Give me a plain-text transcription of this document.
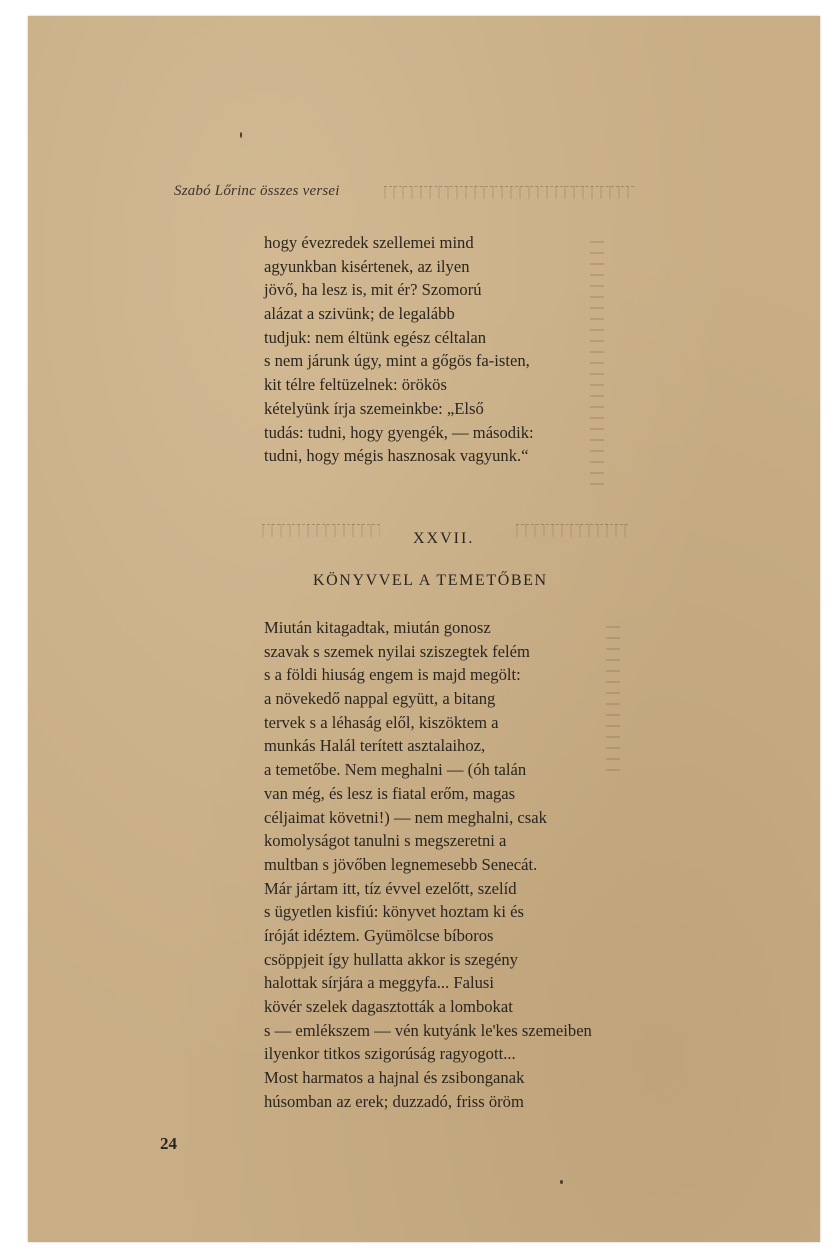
Szabó Lőrinc összes versei
hogy évezredek szellemei mind
agyunkban kisértenek, az ilyen
jövő, ha lesz is, mit ér? Szomorú
alázat a szivünk; de legalább
tudjuk: nem éltünk egész céltalan
s nem járunk úgy, mint a gőgös fa-isten,
kit télre feltüzelnek: örökös
kételyünk írja szemeinkbe: „Első
tudás: tudni, hogy gyengék, — második:
tudni, hogy mégis hasznosak vagyunk.“
XXVII.
KÖNYVVEL A TEMETŐBEN
Miután kitagadtak, miután gonosz
szavak s szemek nyilai sziszegtek felém
s a földi hiuság engem is majd megölt:
a növekedő nappal együtt, a bitang
tervek s a léhaság elől, kiszöktem a
munkás Halál terített asztalaihoz,
a temetőbe. Nem meghalni — (óh talán
van még, és lesz is fiatal erőm, magas
céljaimat követni!) — nem meghalni, csak
komolyságot tanulni s megszeretni a
multban s jövőben legnemesebb Senecát.
Már jártam itt, tíz évvel ezelőtt, szelíd
s ügyetlen kisfiú: könyvet hoztam ki és
íróját idéztem. Gyümölcse bíboros
csöppjeit így hullatta akkor is szegény
halottak sírjára a meggyfa... Falusi
kövér szelek dagasztották a lombokat
s — emlékszem — vén kutyánk le'kes szemeiben
ilyenkor titkos szigorúság ragyogott...
Most harmatos a hajnal és zsibonganak
húsomban az erek; duzzadó, friss öröm
24
